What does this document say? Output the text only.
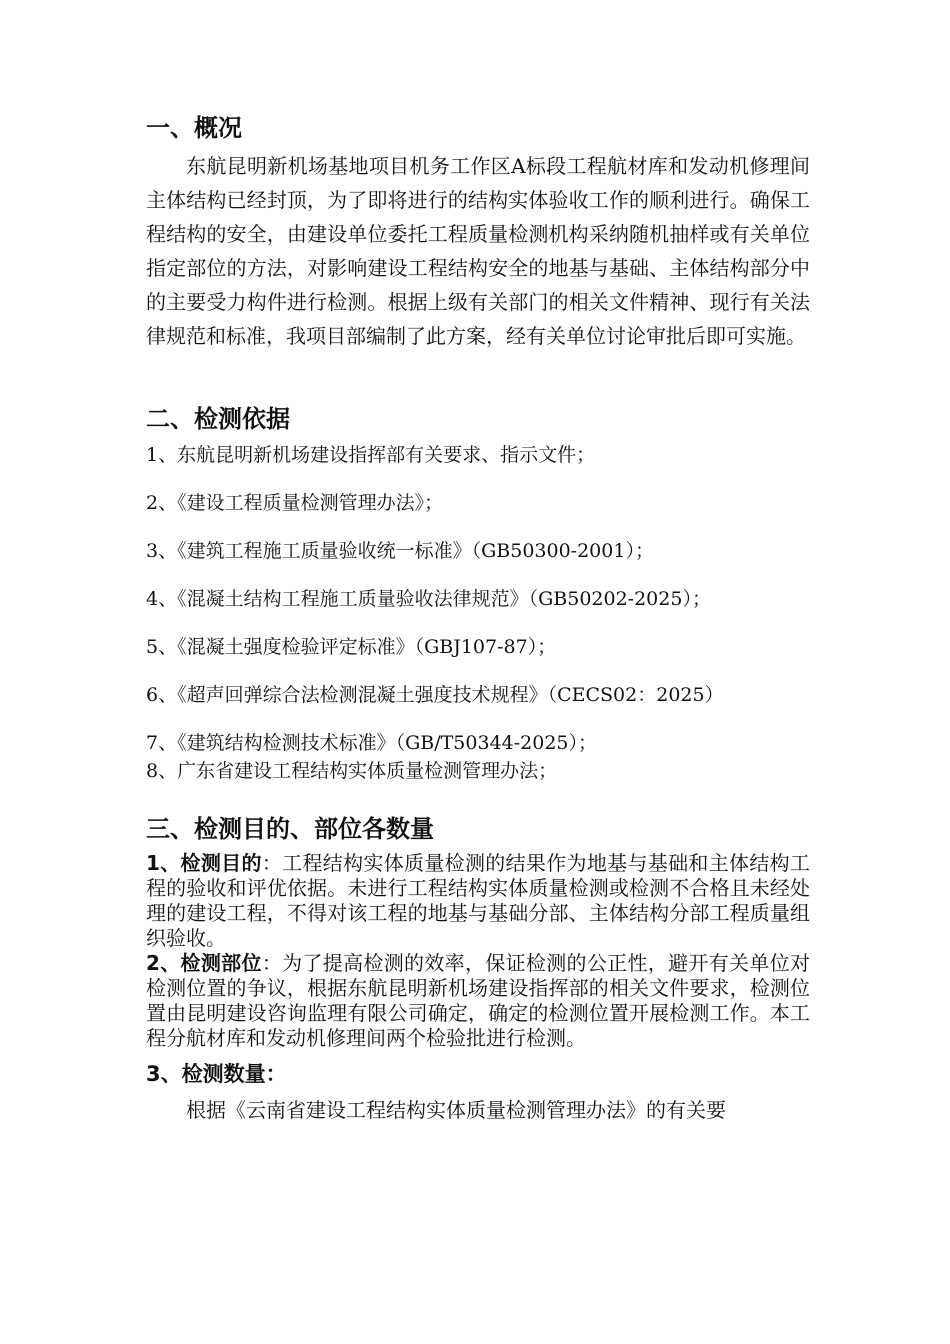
一、概况

东航昆明新机场基地项目机务工作区A标段工程航材库和发动机修理间主体结构已经封顶，为了即将进行的结构实体验收工作的顺利进行。确保工程结构的安全，由建设单位委托工程质量检测机构采纳随机抽样或有关单位指定部位的方法，对影响建设工程结构安全的地基与基础、主体结构部分中的主要受力构件进行检测。根据上级有关部门的相关文件精神、现行有关法律规范和标准，我项目部编制了此方案，经有关单位讨论审批后即可实施。

二、检测依据

1、东航昆明新机场建设指挥部有关要求、指示文件；

2、《建设工程质量检测管理办法》；

3、《建筑工程施工质量验收统一标准》（GB50300-2001）；

4、《混凝土结构工程施工质量验收法律规范》（GB50202-2025）；

5、《混凝土强度检验评定标准》（GBJ107-87）；

6、《超声回弹综合法检测混凝土强度技术规程》（CECS02：2025）

7、《建筑结构检测技术标准》（GB/T50344-2025）；

8、广东省建设工程结构实体质量检测管理办法；

三、检测目的、部位各数量

1、检测目的：工程结构实体质量检测的结果作为地基与基础和主体结构工程的验收和评优依据。未进行工程结构实体质量检测或检测不合格且未经处理的建设工程，不得对该工程的地基与基础分部、主体结构分部工程质量组织验收。

2、检测部位：为了提高检测的效率，保证检测的公正性，避开有关单位对检测位置的争议，根据东航昆明新机场建设指挥部的相关文件要求，检测位置由昆明建设咨询监理有限公司确定，确定的检测位置开展检测工作。本工程分航材库和发动机修理间两个检验批进行检测。

3、检测数量：

根据《云南省建设工程结构实体质量检测管理办法》的有关要
